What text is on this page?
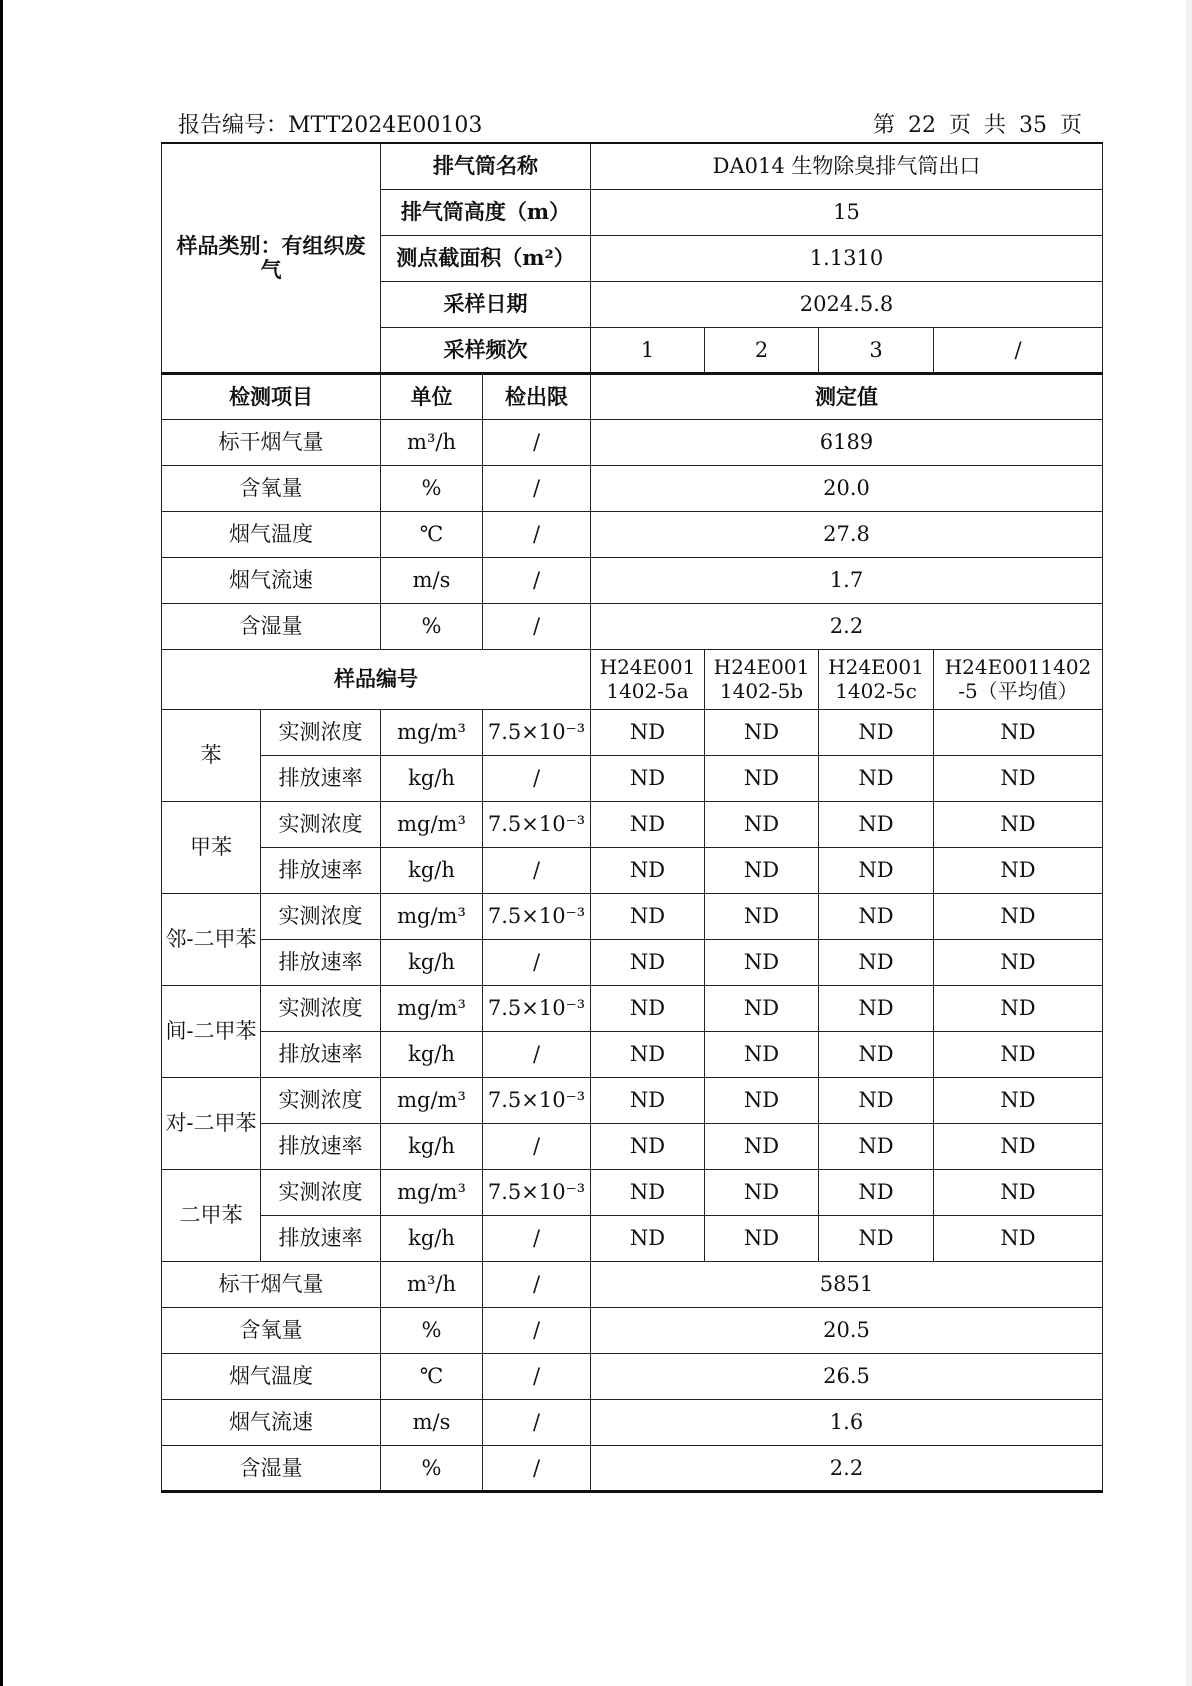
报告编号：MTT2024E00103	第 22 页 共 35 页
样品类别：有组织废气		排气筒名称		DA014 生物除臭排气筒出口			
		排气筒高度（m）		15			
		测点截面积（m²）		1.1310			
		采样日期		2024.5.8			
		采样频次		1	2	3	/
检测项目		单位	检出限	测定值			
标干烟气量		m³/h	/	6189			
含氧量		%	/	20.0			
烟气温度		℃	/	27.8			
烟气流速		m/s	/	1.7			
含湿量		%	/	2.2			
样品编号				H24E001 1402-5a	H24E001 1402-5b	H24E001 1402-5c	H24E0011402 -5（平均值）
苯	实测浓度	mg/m³	7.5×10⁻³	ND	ND	ND	ND
	排放速率	kg/h	/	ND	ND	ND	ND
甲苯	实测浓度	mg/m³	7.5×10⁻³	ND	ND	ND	ND
	排放速率	kg/h	/	ND	ND	ND	ND
邻-二甲苯	实测浓度	mg/m³	7.5×10⁻³	ND	ND	ND	ND
	排放速率	kg/h	/	ND	ND	ND	ND
间-二甲苯	实测浓度	mg/m³	7.5×10⁻³	ND	ND	ND	ND
	排放速率	kg/h	/	ND	ND	ND	ND
对-二甲苯	实测浓度	mg/m³	7.5×10⁻³	ND	ND	ND	ND
	排放速率	kg/h	/	ND	ND	ND	ND
二甲苯	实测浓度	mg/m³	7.5×10⁻³	ND	ND	ND	ND
	排放速率	kg/h	/	ND	ND	ND	ND
标干烟气量		m³/h	/	5851			
含氧量		%	/	20.5			
烟气温度		℃	/	26.5			
烟气流速		m/s	/	1.6			
含湿量		%	/	2.2			
